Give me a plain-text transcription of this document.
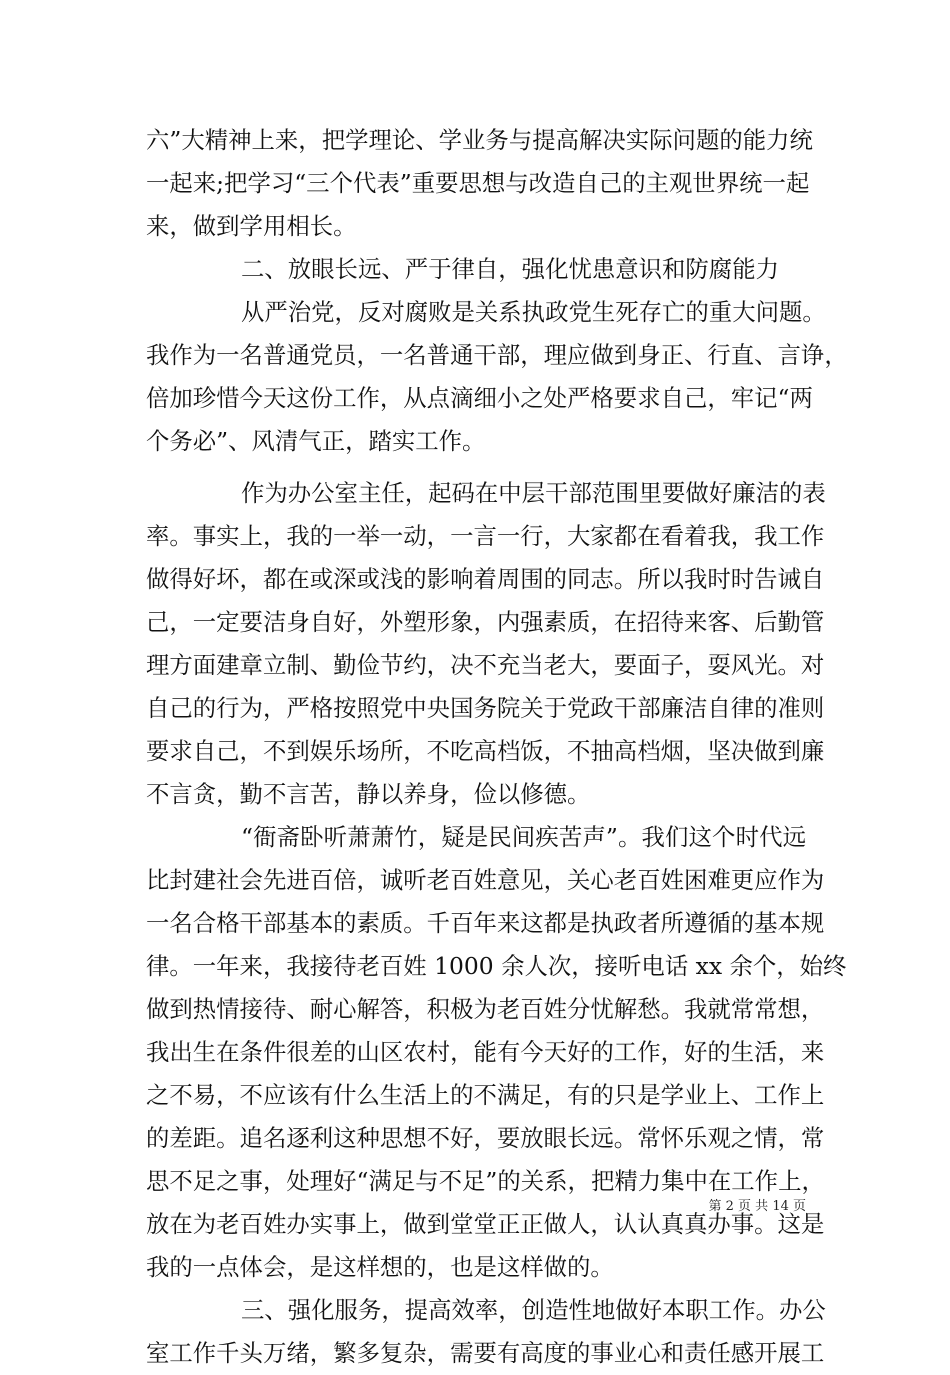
六”大精神上来，把学理论、学业务与提高解决实际问题的能力统
一起来;把学习“三个代表”重要思想与改造自己的主观世界统一起
来，做到学用相长。
二、放眼长远、严于律自，强化忧患意识和防腐能力
从严治党，反对腐败是关系执政党生死存亡的重大问题。
我作为一名普通党员，一名普通干部，理应做到身正、行直、言诤，
倍加珍惜今天这份工作，从点滴细小之处严格要求自己，牢记“两
个务必”、风清气正，踏实工作。
作为办公室主任，起码在中层干部范围里要做好廉洁的表
率。事实上，我的一举一动，一言一行，大家都在看着我，我工作
做得好坏，都在或深或浅的影响着周围的同志。所以我时时告诫自
己，一定要洁身自好，外塑形象，内强素质，在招待来客、后勤管
理方面建章立制、勤俭节约，决不充当老大，要面子，耍风光。对
自己的行为，严格按照党中央国务院关于党政干部廉洁自律的准则
要求自己，不到娱乐场所，不吃高档饭，不抽高档烟，坚决做到廉
不言贪，勤不言苦，静以养身，俭以修德。
“衙斋卧听萧萧竹，疑是民间疾苦声”。我们这个时代远
比封建社会先进百倍，诚听老百姓意见，关心老百姓困难更应作为
一名合格干部基本的素质。千百年来这都是执政者所遵循的基本规
律。一年来，我接待老百姓 1000 余人次，接听电话 xx 余个，始终
做到热情接待、耐心解答，积极为老百姓分忧解愁。我就常常想，
我出生在条件很差的山区农村，能有今天好的工作，好的生活，来
之不易，不应该有什么生活上的不满足，有的只是学业上、工作上
的差距。追名逐利这种思想不好，要放眼长远。常怀乐观之情，常
思不足之事，处理好“满足与不足”的关系，把精力集中在工作上，
放在为老百姓办实事上，做到堂堂正正做人，认认真真办事。这是
我的一点体会，是这样想的，也是这样做的。
三、强化服务，提高效率，创造性地做好本职工作。办公
室工作千头万绪，繁多复杂，需要有高度的事业心和责任感开展工
第 2 页 共 14 页
